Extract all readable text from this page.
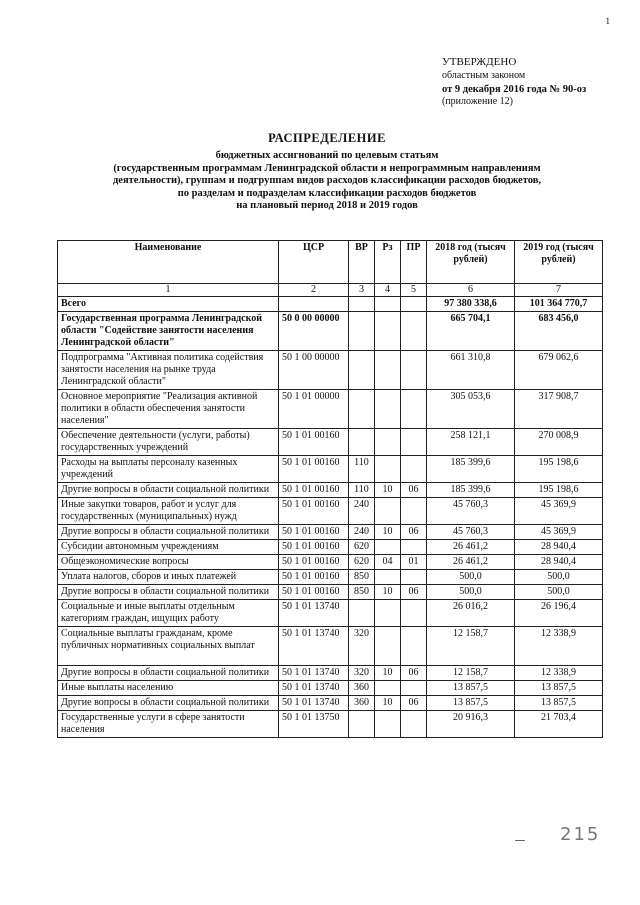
1
УТВЕРЖДЕНО
областным законом
от 9 декабря 2016 года № 90-оз
(приложение 12)
РАСПРЕДЕЛЕНИЕ
бюджетных ассигнований по целевым статьям
(государственным программам Ленинградской области и непрограммным направлениям
деятельности), группам и подгруппам видов расходов классификации расходов бюджетов,
по разделам и подразделам классификации расходов бюджетов
на плановый период 2018 и 2019 годов
Наименование	ЦСР	ВР	Рз	ПР	2018 год (тысяч рублей)	2019 год (тысяч рублей)
1	2	3	4	5	6	7
Всего					97 380 338,6	101 364 770,7
Государственная программа Ленинградской области "Содействие занятости населения Ленинградской области"	50 0 00 00000				665 704,1	683 456,0
Подпрограмма "Активная политика содействия занятости населения на рынке труда Ленинградской области"	50 1 00 00000				661 310,8	679 062,6
Основное мероприятие "Реализация активной политики в области обеспечения занятости населения"	50 1 01 00000				305 053,6	317 908,7
Обеспечение деятельности (услуги, работы) государственных учреждений	50 1 01 00160				258 121,1	270 008,9
Расходы на выплаты персоналу казенных учреждений	50 1 01 00160	110			185 399,6	195 198,6
Другие вопросы в области социальной политики	50 1 01 00160	110	10	06	185 399,6	195 198,6
Иные закупки товаров, работ и услуг для государственных (муниципальных) нужд	50 1 01 00160	240			45 760,3	45 369,9
Другие вопросы в области социальной политики	50 1 01 00160	240	10	06	45 760,3	45 369,9
Субсидии автономным учреждениям	50 1 01 00160	620			26 461,2	28 940,4
Общеэкономические вопросы	50 1 01 00160	620	04	01	26 461,2	28 940,4
Уплата налогов, сборов и иных платежей	50 1 01 00160	850			500,0	500,0
Другие вопросы в области социальной политики	50 1 01 00160	850	10	06	500,0	500,0
Социальные и иные выплаты отдельным категориям граждан, ищущих работу	50 1 01 13740				26 016,2	26 196,4
Социальные выплаты гражданам, кроме публичных нормативных социальных выплат	50 1 01 13740	320			12 158,7	12 338,9
Другие вопросы в области социальной политики	50 1 01 13740	320	10	06	12 158,7	12 338,9
Иные выплаты населению	50 1 01 13740	360			13 857,5	13 857,5
Другие вопросы в области социальной политики	50 1 01 13740	360	10	06	13 857,5	13 857,5
Государственные услуги в сфере занятости населения	50 1 01 13750				20 916,3	21 703,4
215
